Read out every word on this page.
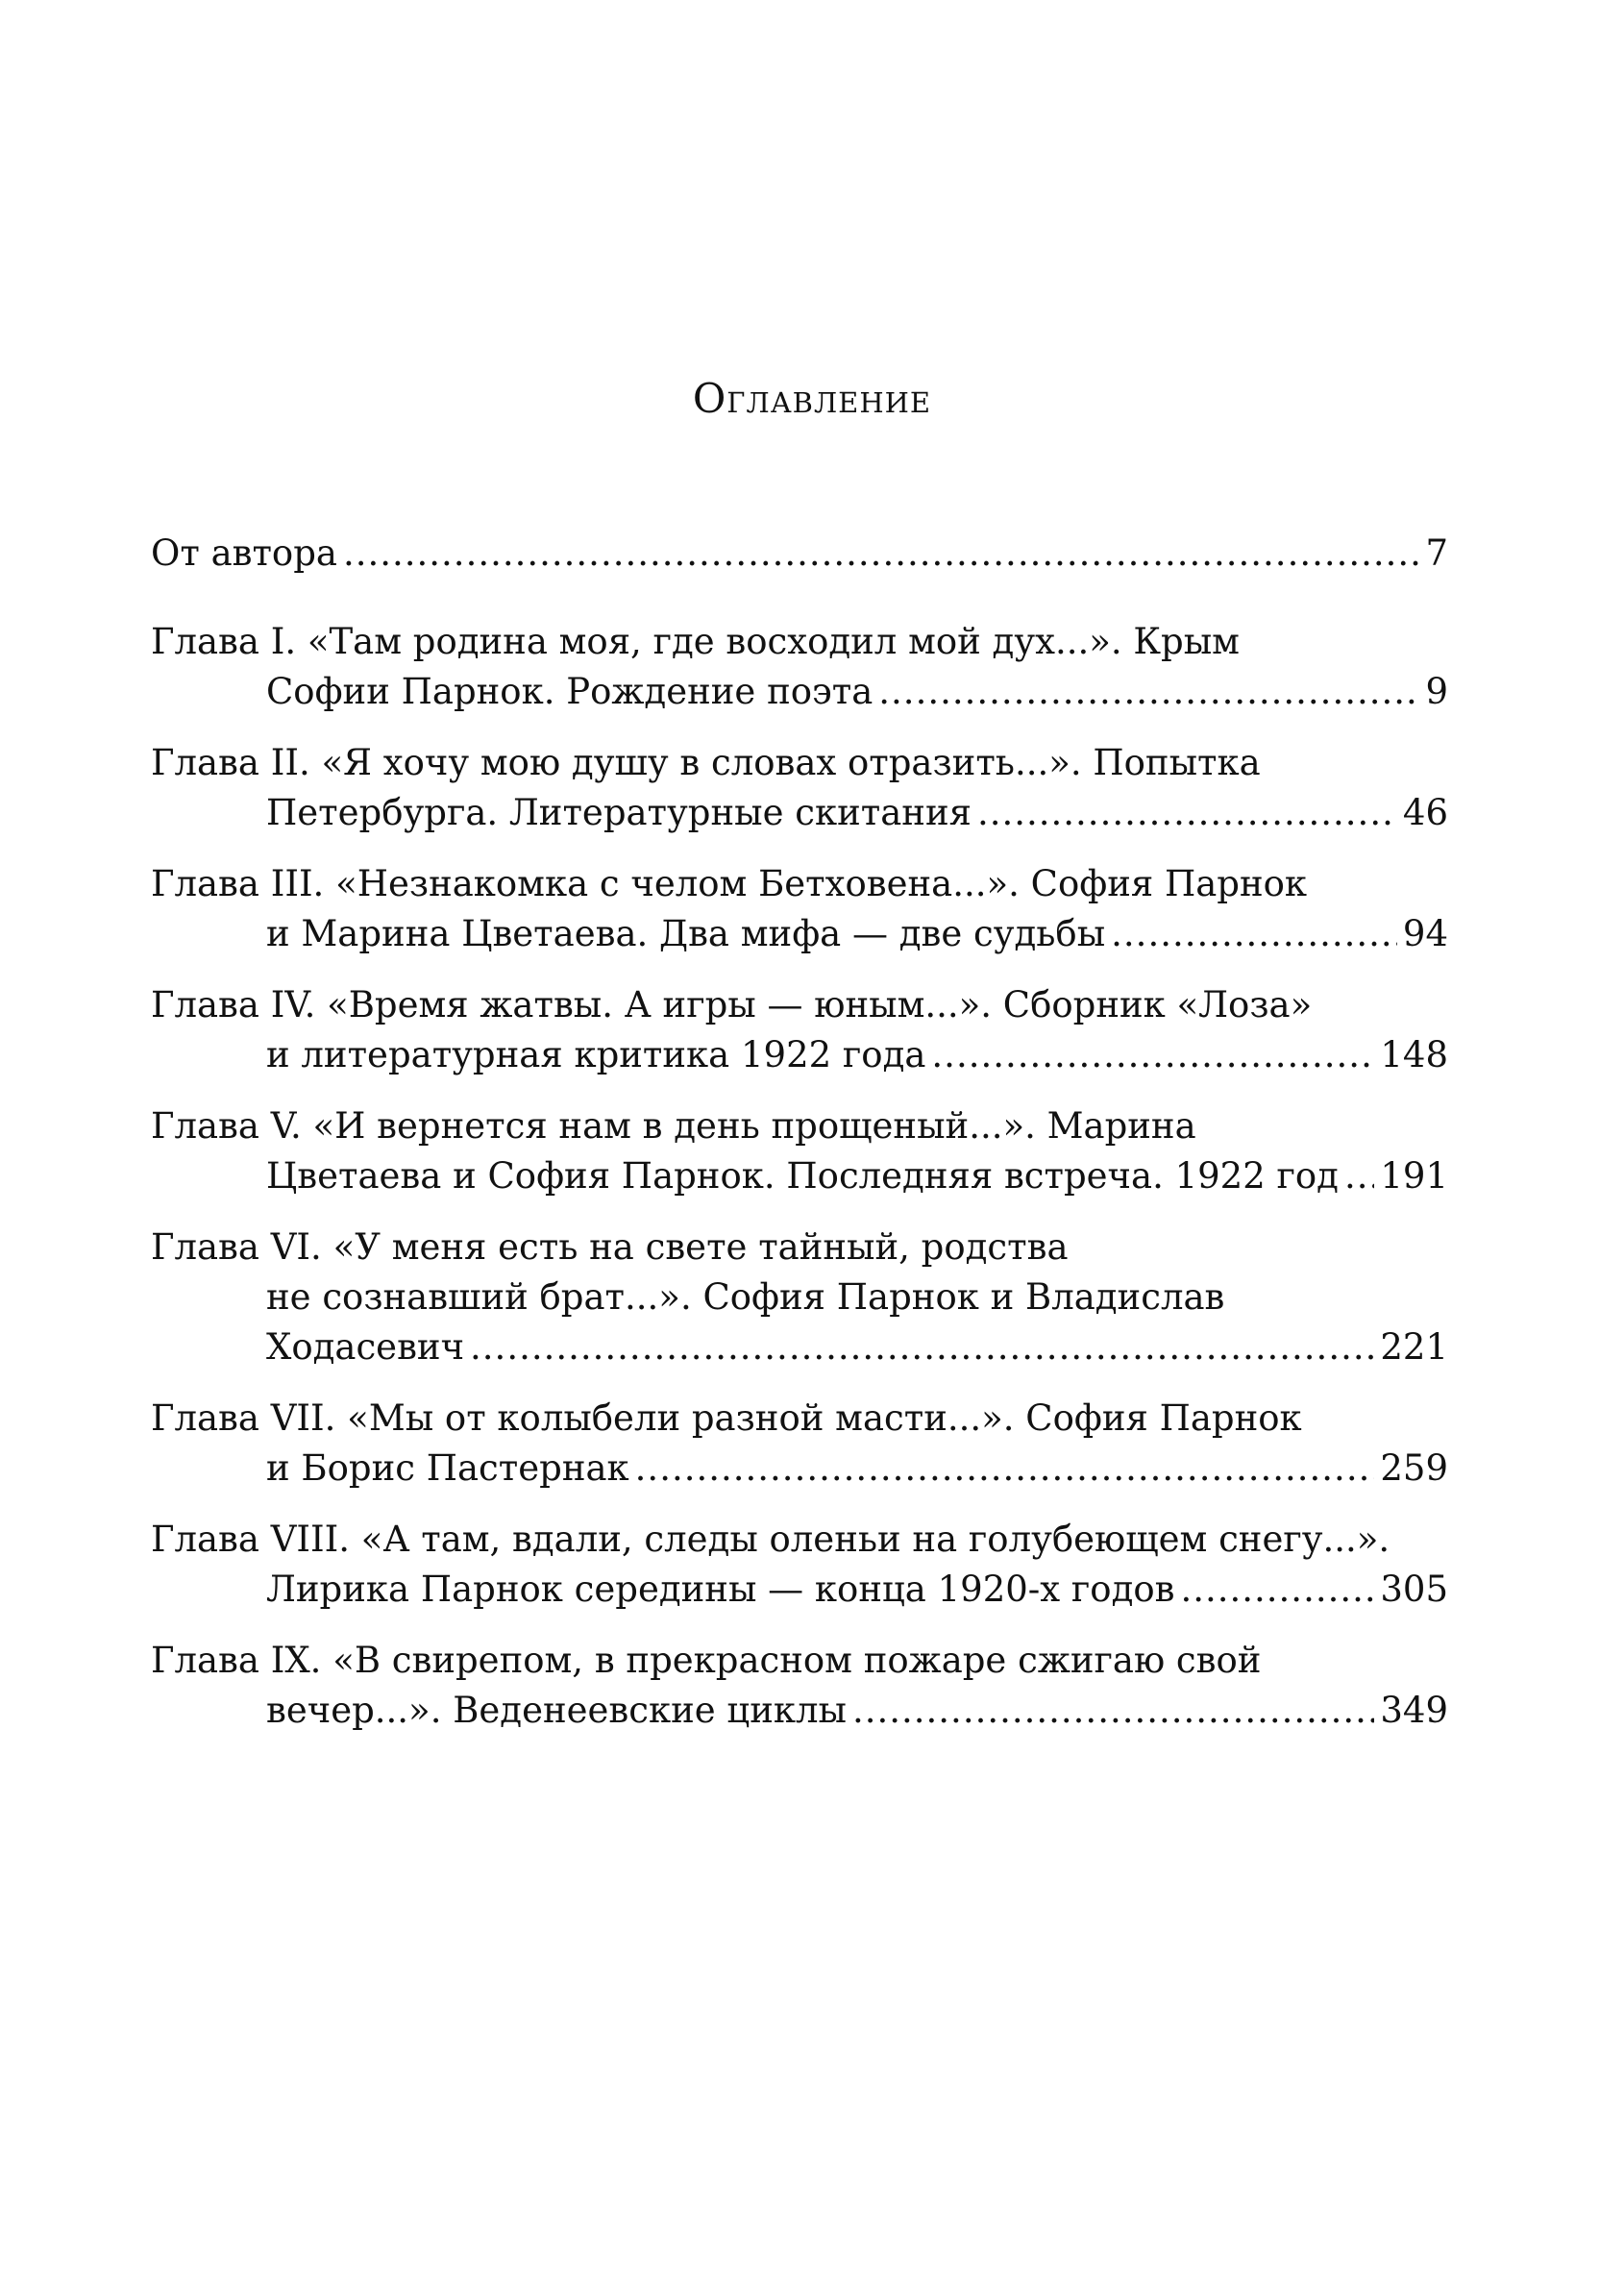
Оглавление
От автора .....	7
Глава I. «Там родина моя, где восходил мой дух...». Крым
Софии Парнок. Рождение поэта .....	9
Глава II. «Я хочу мою душу в словах отразить...». Попытка
Петербурга. Литературные скитания .....	46
Глава III. «Незнакомка с челом Бетховена...». София Парнок
и Марина Цветаева. Два мифа — две судьбы .....	94
Глава IV. «Время жатвы. А игры — юным...». Сборник «Лоза»
и литературная критика 1922 года .....	148
Глава V. «И вернется нам в день прощеный...». Марина
Цветаева и София Парнок. Последняя встреча. 1922 год ..... 191
Глава VI. «У меня есть на свете тайный, родства
не сознавший брат...». София Парнок и Владислав
Ходасевич .....	221
Глава VII. «Мы от колыбели разной масти...». София Парнок
и Борис Пастернак .....	259
Глава VIII. «А там, вдали, следы оленьи на голубеющем снегу...».
Лирика Парнок середины — конца 1920-х годов .....	305
Глава IX. «В свирепом, в прекрасном пожаре сжигаю свой
вечер...». Веденеевские циклы .....	349
